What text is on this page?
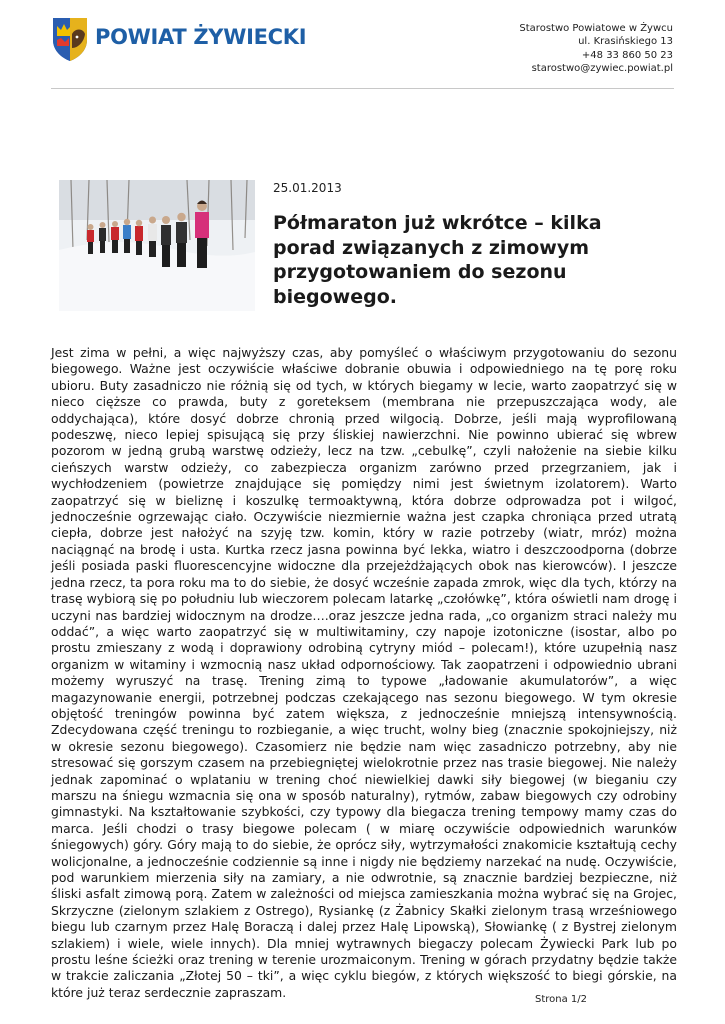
POWIAT ŻYWIECKI	Starostwo Powiatowe w Żywcu
ul. Krasińskiego 13
+48 33 860 50 23
starostwo@zywiec.powiat.pl
25.01.2013
Półmaraton już wkrótce – kilka porad związanych z zimowym przygotowaniem do sezonu biegowego.

Jest zima w pełni, a więc najwyższy czas, aby pomyśleć o właściwym przygotowaniu do sezonu biegowego. Ważne jest oczywiście właściwe dobranie obuwia i odpowiedniego na tę porę roku ubioru. Buty zasadniczo nie różnią się od tych, w których biegamy w lecie, warto zaopatrzyć się w nieco cięższe co prawda, buty z goreteksem (membrana nie przepuszczająca wody, ale oddychająca), które dosyć dobrze chronią przed wilgocią. Dobrze, jeśli mają wyprofilowaną podeszwę, nieco lepiej spisującą się przy śliskiej nawierzchni. Nie powinno ubierać się wbrew pozorom w jedną grubą warstwę odzieży, lecz na tzw. „cebulkę”, czyli nałożenie na siebie kilku cieńszych warstw odzieży, co zabezpiecza organizm zarówno przed przegrzaniem, jak i wychłodzeniem (powietrze znajdujące się pomiędzy nimi jest świetnym izolatorem). Warto zaopatrzyć się w bieliznę i koszulkę termoaktywną, która dobrze odprowadza pot i wilgoć, jednocześnie ogrzewając ciało. Oczywiście niezmiernie ważna jest czapka chroniąca przed utratą ciepła, dobrze jest nałożyć na szyję tzw. komin, który w razie potrzeby (wiatr, mróz) można naciągnąć na brodę i usta. Kurtka rzecz jasna powinna być lekka, wiatro i deszczoodporna (dobrze jeśli posiada paski fluorescencyjne widoczne dla przejeżdżających obok nas kierowców). I jeszcze jedna rzecz, ta pora roku ma to do siebie, że dosyć wcześnie zapada zmrok, więc dla tych, którzy na trasę wybiorą się po południu lub wieczorem polecam latarkę „czołówkę”, która oświetli nam drogę i uczyni nas bardziej widocznym na drodze….oraz jeszcze jedna rada, „co organizm straci należy mu oddać”, a więc warto zaopatrzyć się w multiwitaminy, czy napoje izotoniczne (isostar, albo po prostu zmieszany z wodą i doprawiony odrobiną cytryny miód – polecam!), które uzupełnią nasz organizm w witaminy i wzmocnią nasz układ odpornościowy. Tak zaopatrzeni i odpowiednio ubrani możemy wyruszyć na trasę. Trening zimą to typowe „ładowanie akumulatorów”, a więc magazynowanie energii, potrzebnej podczas czekającego nas sezonu biegowego. W tym okresie objętość treningów powinna być zatem większa, z jednocześnie mniejszą intensywnością. Zdecydowana część treningu to rozbieganie, a więc trucht, wolny bieg (znacznie spokojniejszy, niż w okresie sezonu biegowego). Czasomierz nie będzie nam więc zasadniczo potrzebny, aby nie stresować się gorszym czasem na przebiegniętej wielokrotnie przez nas trasie biegowej. Nie należy jednak zapominać o wplataniu w trening choć niewielkiej dawki siły biegowej (w bieganiu czy marszu na śniegu wzmacnia się ona w sposób naturalny), rytmów, zabaw biegowych czy odrobiny gimnastyki. Na kształtowanie szybkości, czy typowy dla biegacza trening tempowy mamy czas do marca. Jeśli chodzi o trasy biegowe polecam ( w miarę oczywiście odpowiednich warunków śniegowych) góry. Góry mają to do siebie, że oprócz siły, wytrzymałości znakomicie kształtują cechy wolicjonalne, a jednocześnie codziennie są inne i nigdy nie będziemy narzekać na nudę. Oczywiście, pod warunkiem mierzenia siły na zamiary, a nie odwrotnie, są znacznie bardziej bezpieczne, niż śliski asfalt zimową porą. Zatem w zależności od miejsca zamieszkania można wybrać się na Grojec, Skrzyczne (zielonym szlakiem z Ostrego), Rysiankę (z Żabnicy Skałki zielonym trasą wrześniowego biegu lub czarnym przez Halę Boraczą i dalej przez Halę Lipowską), Słowiankę ( z Bystrej zielonym szlakiem) i wiele, wiele innych). Dla mniej wytrawnych biegaczy polecam Żywiecki Park lub po prostu leśne ścieżki oraz trening w terenie urozmaiconym. Trening w górach przydatny będzie także w trakcie zaliczania „Złotej 50 – tki”, a więc cyklu biegów, z których większość to biegi górskie, na które już teraz serdecznie zapraszam.	Strona 1/2
